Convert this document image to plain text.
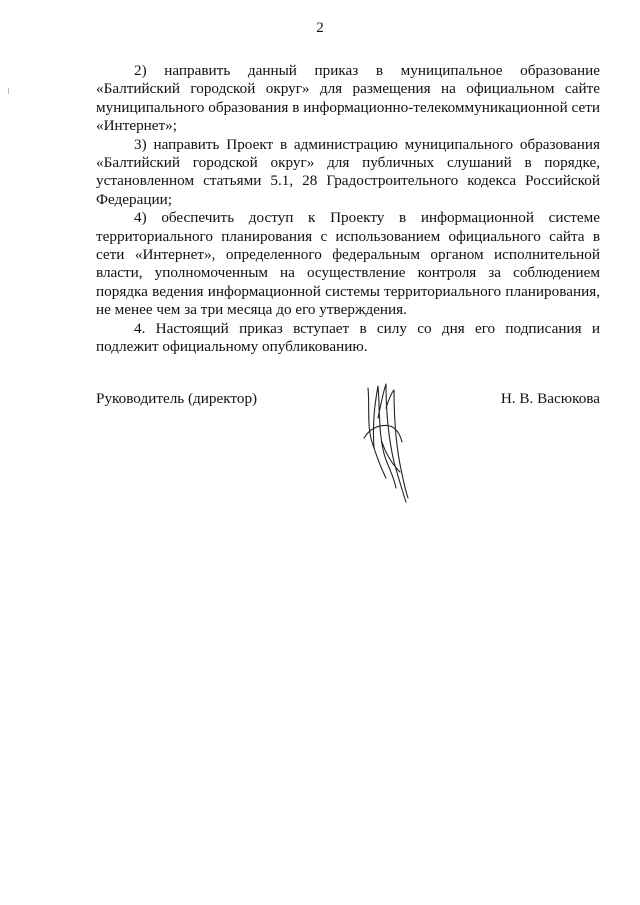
2

2) направить данный приказ в муниципальное образование «Балтийский городской округ» для размещения на официальном сайте муниципального образования в информационно-телекоммуникационной сети «Интернет»;

3) направить Проект в администрацию муниципального образования «Балтийский городской округ» для публичных слушаний в порядке, установленном статьями 5.1, 28 Градостроительного кодекса Российской Федерации;

4) обеспечить доступ к Проекту в информационной системе территориального планирования с использованием официального сайта в сети «Интернет», определенного федеральным органом исполнительной власти, уполномоченным на осуществление контроля за соблюдением порядка ведения информационной системы территориального планирования, не менее чем за три месяца до его утверждения.

4. Настоящий приказ вступает в силу со дня его подписания и подлежит официальному опубликованию.

Руководитель (директор)	Н. В. Васюкова
